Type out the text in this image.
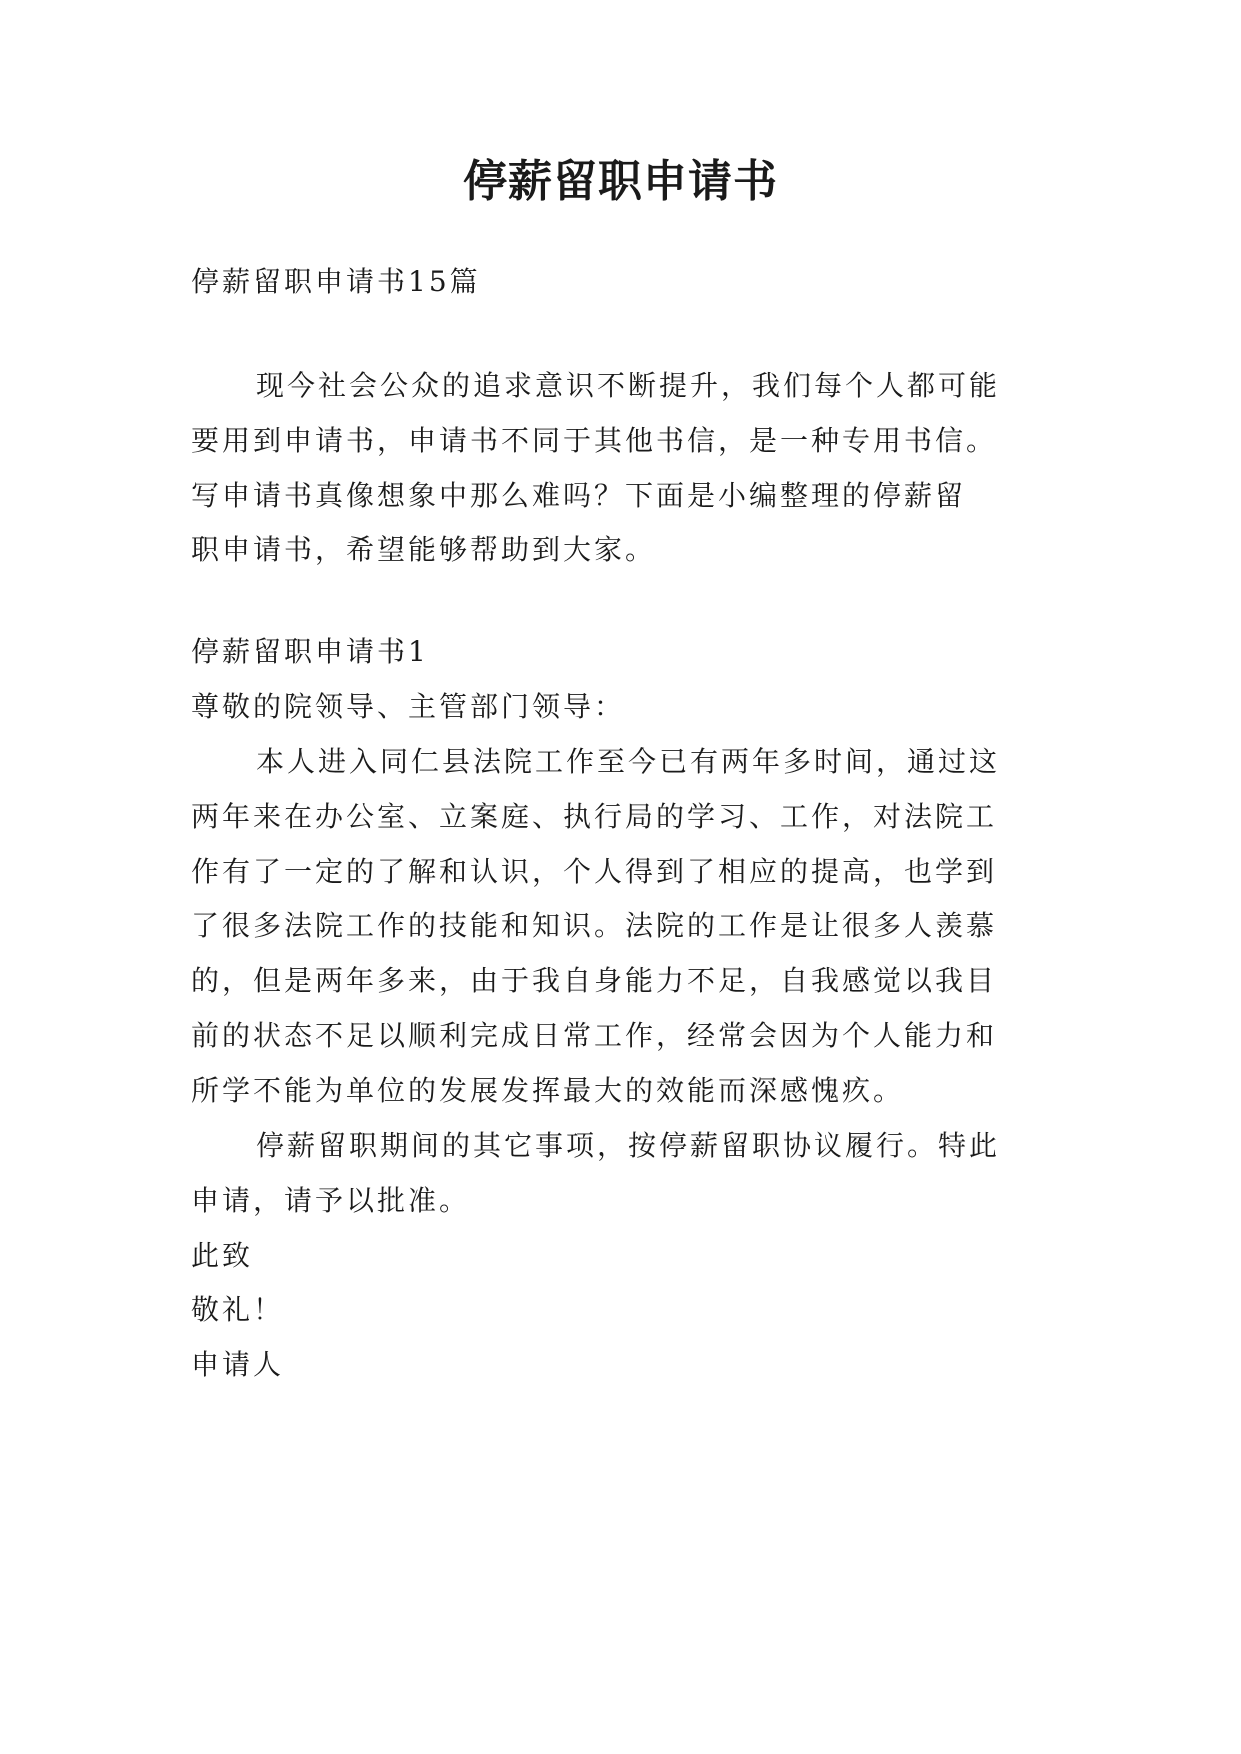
停薪留职申请书
停薪留职申请书15篇
现今社会公众的追求意识不断提升，我们每个人都可能
要用到申请书，申请书不同于其他书信，是一种专用书信。
写申请书真像想象中那么难吗？下面是小编整理的停薪留
职申请书，希望能够帮助到大家。
停薪留职申请书1
尊敬的院领导、主管部门领导：
本人进入同仁县法院工作至今已有两年多时间，通过这
两年来在办公室、立案庭、执行局的学习、工作，对法院工
作有了一定的了解和认识，个人得到了相应的提高，也学到
了很多法院工作的技能和知识。法院的工作是让很多人羡慕
的，但是两年多来，由于我自身能力不足，自我感觉以我目
前的状态不足以顺利完成日常工作，经常会因为个人能力和
所学不能为单位的发展发挥最大的效能而深感愧疚。
停薪留职期间的其它事项，按停薪留职协议履行。特此
申请，请予以批准。
此致
敬礼！
申请人
